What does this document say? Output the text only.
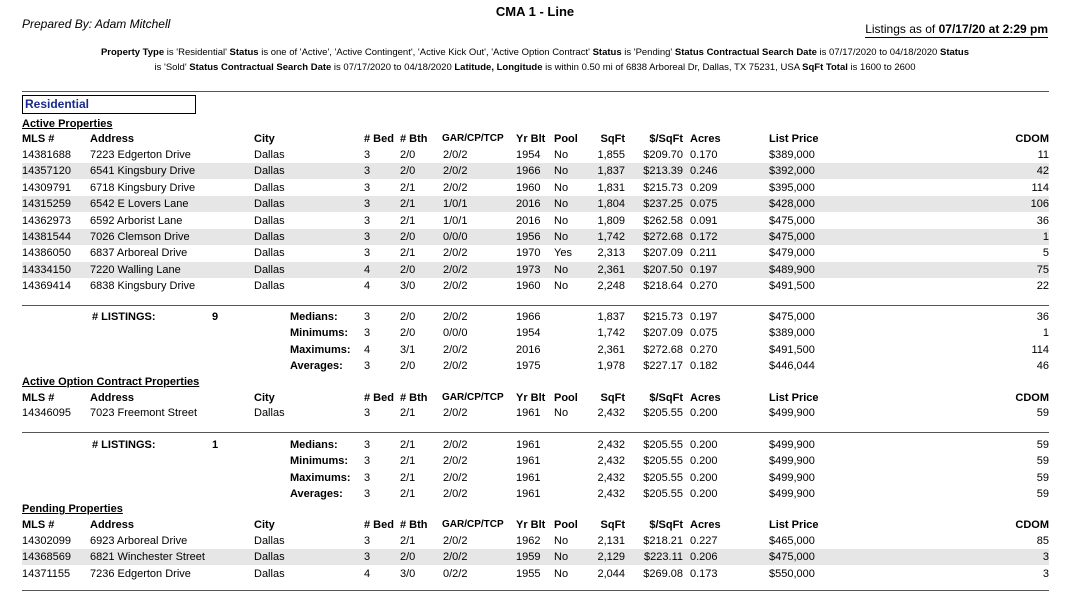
CMA 1 - Line
Prepared By: Adam Mitchell	Listings as of 07/17/20 at 2:29 pm
Property Type is 'Residential' Status is one of 'Active', 'Active Contingent', 'Active Kick Out', 'Active Option Contract' Status is 'Pending' Status Contractual Search Date is 07/17/2020 to 04/18/2020 Status is 'Sold' Status Contractual Search Date is 07/17/2020 to 04/18/2020 Latitude, Longitude is within 0.50 mi of 6838 Arboreal Dr, Dallas, TX 75231, USA SqFt Total is 1600 to 2600
Residential
Active Properties
MLS #	Address	City	# Bed # Bth GAR/CP/TCP Yr Blt Pool SqFt $/SqFt Acres	List Price	CDOM
14381688 7223 Edgerton Drive	Dallas	3	2/0	2/0/2	1954 No	1,855 $209.70 0.170	$389,000	11
14357120 6541 Kingsbury Drive	Dallas	3	2/0	2/0/2	1966 No	1,837 $213.39 0.246	$392,000	42
14309791 6718 Kingsbury Drive	Dallas	3	2/1	2/0/2	1960 No	1,831 $215.73 0.209	$395,000	114
14315259 6542 E Lovers Lane	Dallas	3	2/1	1/0/1	2016 No	1,804 $237.25 0.075	$428,000	106
14362973 6592 Arborist Lane	Dallas	3	2/1	1/0/1	2016 No	1,809 $262.58 0.091	$475,000	36
14381544 7026 Clemson Drive	Dallas	3	2/0	0/0/0	1956 No	1,742 $272.68 0.172	$475,000	1
14386050 6837 Arboreal Drive	Dallas	3	2/1	2/0/2	1970 Yes 2,313 $207.09 0.211	$479,000	5
14334150 7220 Walling Lane	Dallas	4	2/0	2/0/2	1973 No	2,361 $207.50 0.197	$489,900	75
14369414 6838 Kingsbury Drive	Dallas	4	3/0	2/0/2	1960 No	2,248 $218.64 0.270	$491,500	22
# LISTINGS:	9	Medians: 3	2/0	2/0/2	1966	1,837 $215.73 0.197	$475,000	36
Minimums: 3	2/0	0/0/0	1954	1,742 $207.09 0.075	$389,000	1
Maximums: 4	3/1	2/0/2	2016	2,361 $272.68 0.270	$491,500	114
Averages: 3	2/0	2/0/2	1975	1,978 $227.17 0.182	$446,044	46
Active Option Contract Properties
MLS #	Address	City	# Bed # Bth GAR/CP/TCP Yr Blt Pool SqFt $/SqFt Acres	List Price	CDOM
14346095 7023 Freemont Street	Dallas	3	2/1	2/0/2	1961 No	2,432 $205.55 0.200	$499,900	59
# LISTINGS:	1	Medians: 3	2/1	2/0/2	1961	2,432 $205.55 0.200	$499,900	59
Minimums: 3	2/1	2/0/2	1961	2,432 $205.55 0.200	$499,900	59
Maximums: 3	2/1	2/0/2	1961	2,432 $205.55 0.200	$499,900	59
Averages: 3	2/1	2/0/2	1961	2,432 $205.55 0.200	$499,900	59
Pending Properties
MLS #	Address	City	# Bed # Bth GAR/CP/TCP Yr Blt Pool SqFt $/SqFt Acres	List Price	CDOM
14302099 6923 Arboreal Drive	Dallas	3	2/1	2/0/2	1962 No	2,131 $218.21 0.227	$465,000	85
14368569 6821 Winchester Street	Dallas	3	2/0	2/0/2	1959 No	2,129 $223.11 0.206	$475,000	3
14371155 7236 Edgerton Drive	Dallas	4	3/0	0/2/2	1955 No	2,044 $269.08 0.173	$550,000	3
